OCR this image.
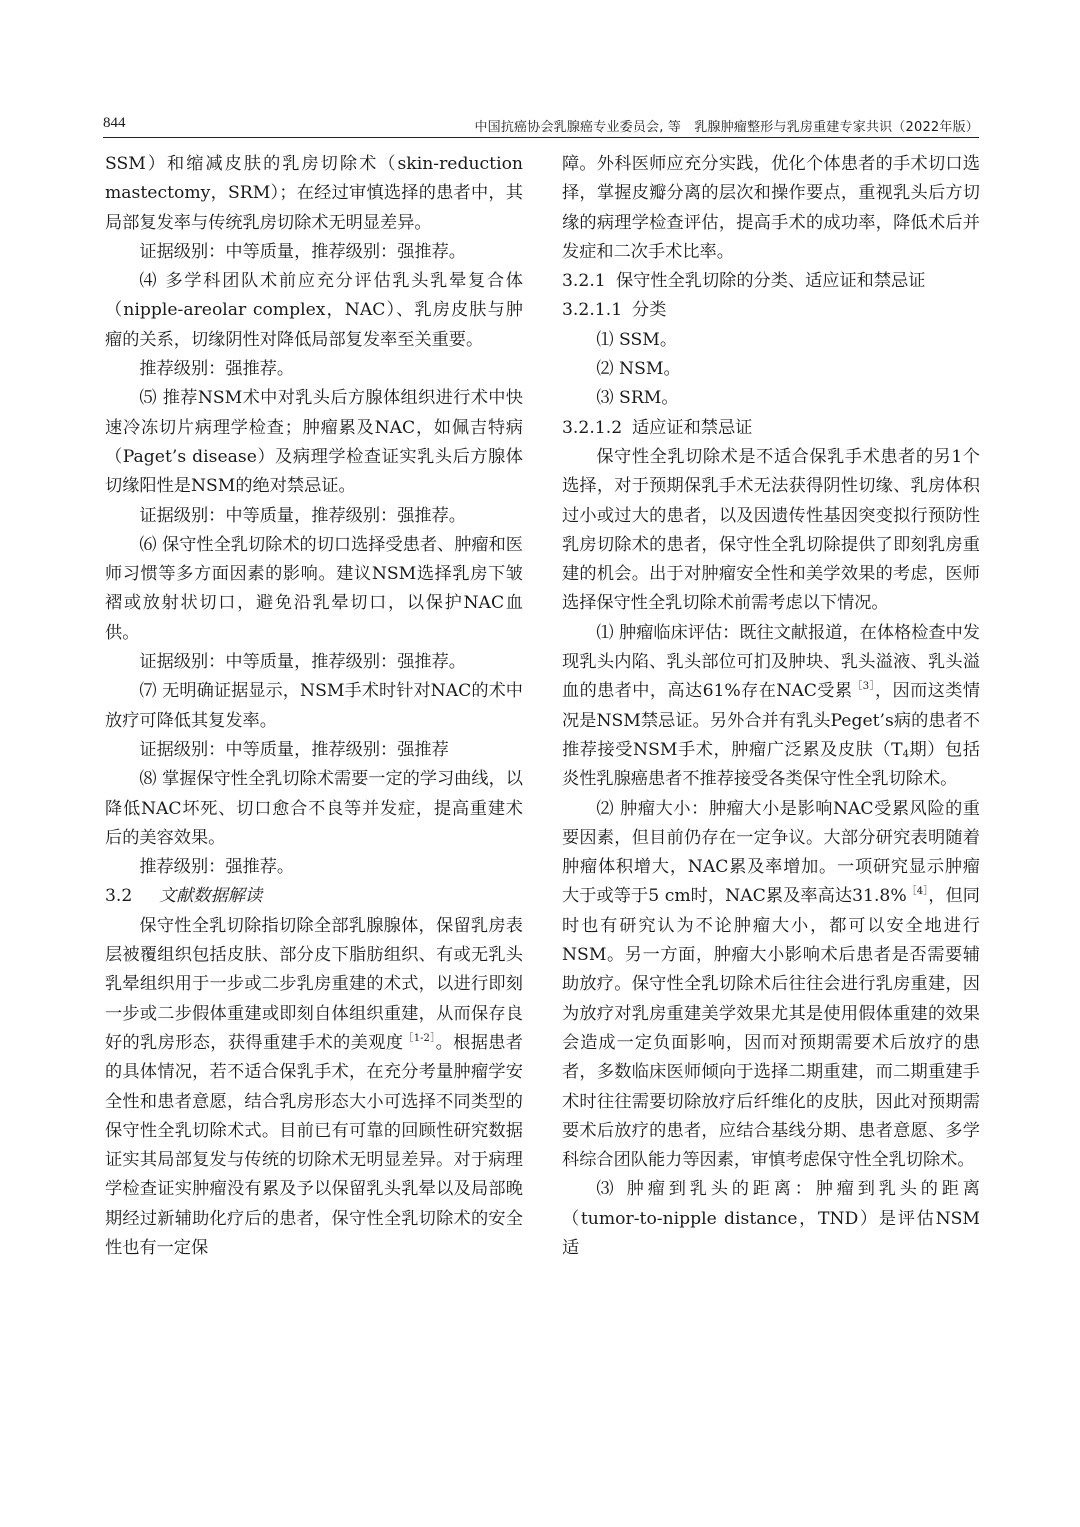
844	中国抗癌协会乳腺癌专业委员会, 等　乳腺肿瘤整形与乳房重建专家共识（2022年版）

SSM）和缩减皮肤的乳房切除术（skin-reduction mastectomy，SRM）；在经过审慎选择的患者中，其局部复发率与传统乳房切除术无明显差异。

证据级别：中等质量，推荐级别：强推荐。

⑷ 多学科团队术前应充分评估乳头乳晕复合体（nipple-areolar complex，NAC）、乳房皮肤与肿瘤的关系，切缘阴性对降低局部复发率至关重要。

推荐级别：强推荐。

⑸ 推荐NSM术中对乳头后方腺体组织进行术中快速冷冻切片病理学检查；肿瘤累及NAC，如佩吉特病（Paget’s disease）及病理学检查证实乳头后方腺体切缘阳性是NSM的绝对禁忌证。

证据级别：中等质量，推荐级别：强推荐。

⑹ 保守性全乳切除术的切口选择受患者、肿瘤和医师习惯等多方面因素的影响。建议NSM选择乳房下皱褶或放射状切口，避免沿乳晕切口，以保护NAC血供。

证据级别：中等质量，推荐级别：强推荐。

⑺ 无明确证据显示，NSM手术时针对NAC的术中放疗可降低其复发率。

证据级别：中等质量，推荐级别：强推荐

⑻ 掌握保守性全乳切除术需要一定的学习曲线，以降低NAC坏死、切口愈合不良等并发症，提高重建术后的美容效果。

推荐级别：强推荐。

3.2 文献数据解读

保守性全乳切除指切除全部乳腺腺体，保留乳房表层被覆组织包括皮肤、部分皮下脂肪组织、有或无乳头乳晕组织用于一步或二步乳房重建的术式，以进行即刻一步或二步假体重建或即刻自体组织重建，从而保存良好的乳房形态，获得重建手术的美观度$^{[1-2]}$。根据患者的具体情况，若不适合保乳手术，在充分考量肿瘤学安全性和患者意愿，结合乳房形态大小可选择不同类型的保守性全乳切除术式。目前已有可靠的回顾性研究数据证实其局部复发与传统的切除术无明显差异。对于病理学检查证实肿瘤没有累及予以保留乳头乳晕以及局部晚期经过新辅助化疗后的患者，保守性全乳切除术的安全性也有一定保

障。外科医师应充分实践，优化个体患者的手术切口选择，掌握皮瓣分离的层次和操作要点，重视乳头后方切缘的病理学检查评估，提高手术的成功率，降低术后并发症和二次手术比率。

3.2.1 保守性全乳切除的分类、适应证和禁忌证

3.2.1.1 分类

⑴ SSM。

⑵ NSM。

⑶ SRM。

3.2.1.2 适应证和禁忌证

保守性全乳切除术是不适合保乳手术患者的另1个选择，对于预期保乳手术无法获得阴性切缘、乳房体积过小或过大的患者，以及因遗传性基因突变拟行预防性乳房切除术的患者，保守性全乳切除提供了即刻乳房重建的机会。出于对肿瘤安全性和美学效果的考虑，医师选择保守性全乳切除术前需考虑以下情况。

⑴ 肿瘤临床评估：既往文献报道，在体格检查中发现乳头内陷、乳头部位可扪及肿块、乳头溢液、乳头溢血的患者中，高达61%存在NAC受累$^{[3]}$，因而这类情况是NSM禁忌证。另外合并有乳头Peget’s病的患者不推荐接受NSM手术，肿瘤广泛累及皮肤（$T_4$期）包括炎性乳腺癌患者不推荐接受各类保守性全乳切除术。

⑵ 肿瘤大小：肿瘤大小是影响NAC受累风险的重要因素，但目前仍存在一定争议。大部分研究表明随着肿瘤体积增大，NAC累及率增加。一项研究显示肿瘤大于或等于5 cm时，NAC累及率高达31.8%$^{[4]}$，但同时也有研究认为不论肿瘤大小，都可以安全地进行NSM。另一方面，肿瘤大小影响术后患者是否需要辅助放疗。保守性全乳切除术后往往会进行乳房重建，因为放疗对乳房重建美学效果尤其是使用假体重建的效果会造成一定负面影响，因而对预期需要术后放疗的患者，多数临床医师倾向于选择二期重建，而二期重建手术时往往需要切除放疗后纤维化的皮肤，因此对预期需要术后放疗的患者，应结合基线分期、患者意愿、多学科综合团队能力等因素，审慎考虑保守性全乳切除术。

⑶ 肿瘤到乳头的距离：肿瘤到乳头的距离（tumor-to-nipple distance，TND）是评估NSM适
